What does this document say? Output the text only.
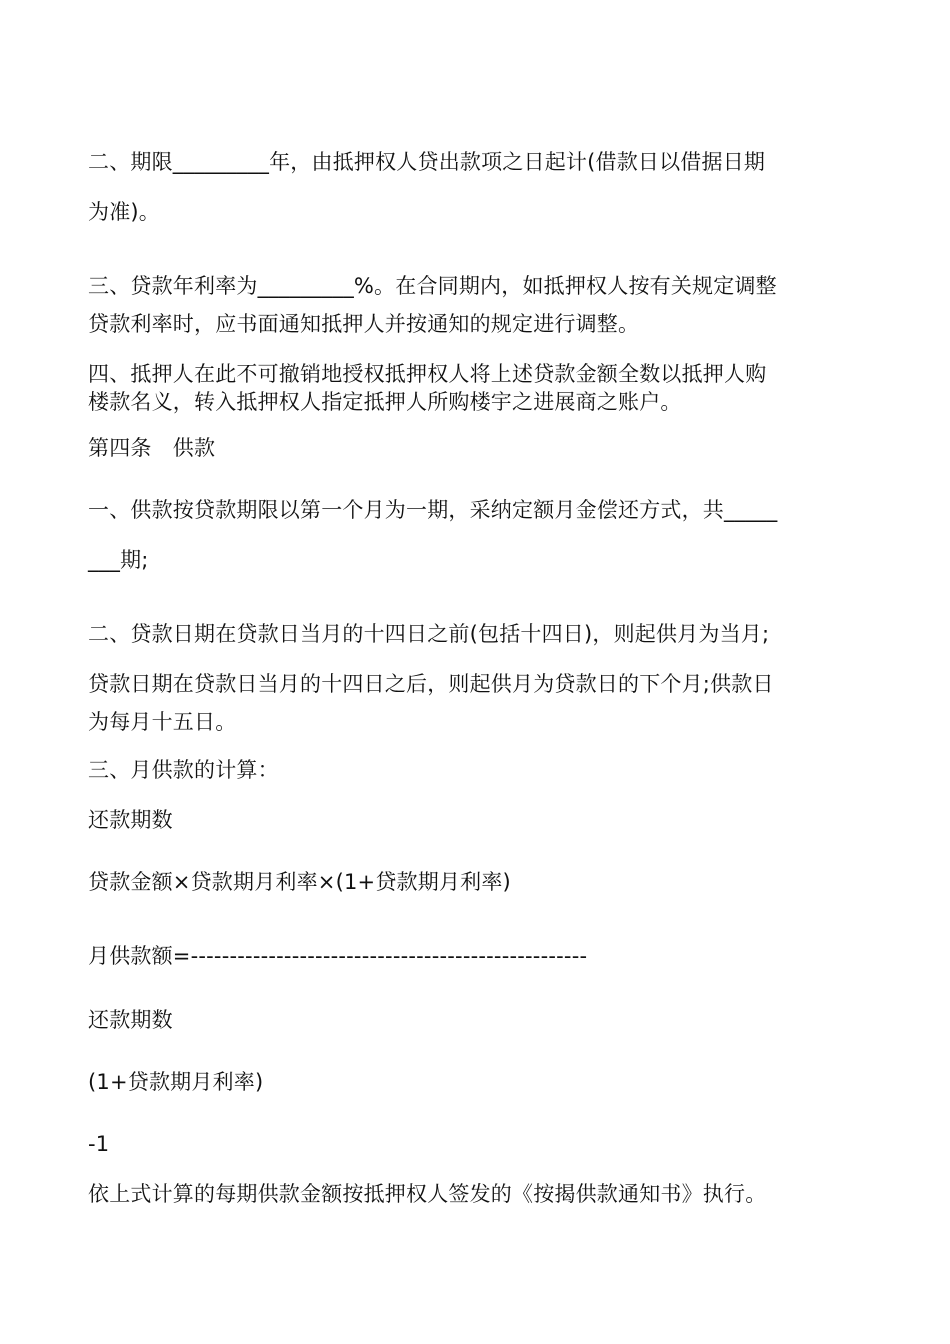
二、期限_________年，由抵押权人贷出款项之日起计(借款日以借据日期
为准)。
三、贷款年利率为_________%。在合同期内，如抵押权人按有关规定调整
贷款利率时，应书面通知抵押人并按通知的规定进行调整。
四、抵押人在此不可撤销地授权抵押权人将上述贷款金额全数以抵押人购
楼款名义，转入抵押权人指定抵押人所购楼宇之进展商之账户。
第四条　供款
一、供款按贷款期限以第一个月为一期，采纳定额月金偿还方式，共_____
___期;
二、贷款日期在贷款日当月的十四日之前(包括十四日)，则起供月为当月;
贷款日期在贷款日当月的十四日之后，则起供月为贷款日的下个月;供款日
为每月十五日。
三、月供款的计算：
还款期数
贷款金额×贷款期月利率×(1+贷款期月利率)
月供款额=---------------------------------------------------
还款期数
(1+贷款期月利率)
-1
依上式计算的每期供款金额按抵押权人签发的《按揭供款通知书》执行。
